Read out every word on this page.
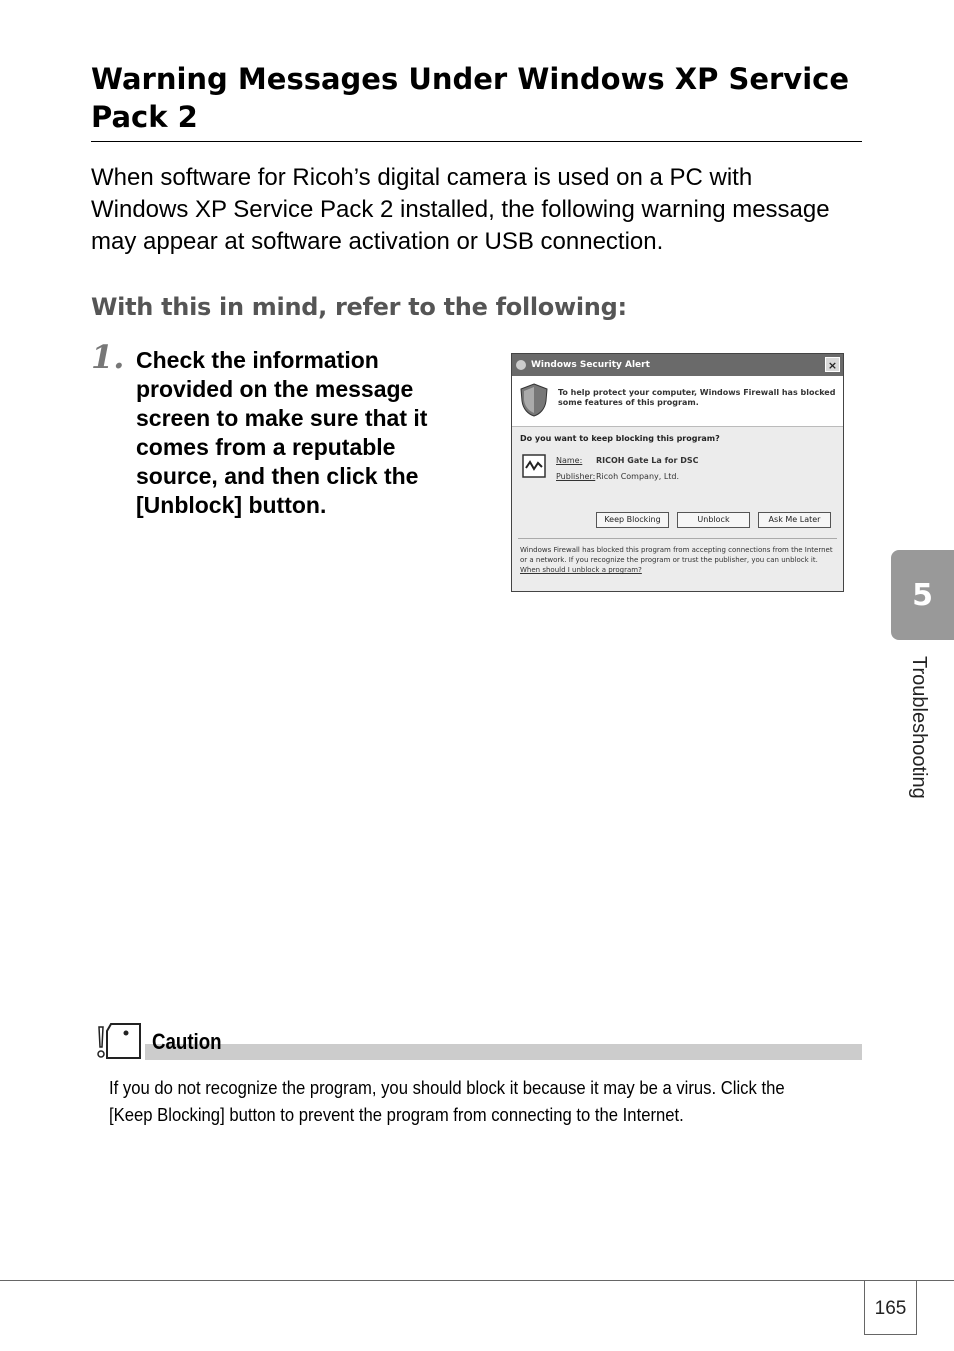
Warning Messages Under Windows XP Service Pack 2

When software for Ricoh’s digital camera is used on a PC with Windows XP Service Pack 2 installed, the following warning message may appear at software activation or USB connection.

With this in mind, refer to the following:
1. Check the information provided on the message screen to make sure that it comes from a reputable source, and then click the [Unblock] button.

Windows Security Alert	×
To help protect your computer, Windows Firewall has blocked some features of this program.
Do you want to keep blocking this program?
Name: RICOH Gate La for DSC
Publisher:Ricoh Company, Ltd.
Keep Blocking	Unblock	Ask Me Later
Windows Firewall has blocked this program from accepting connections from the Internet or a network. If you recognize the program or trust the publisher, you can unblock it. When should I unblock a program?
5
Troubleshooting
Caution

If you do not recognize the program, you should block it because it may be a virus. Click the [Keep Blocking] button to prevent the program from connecting to the Internet.

165
